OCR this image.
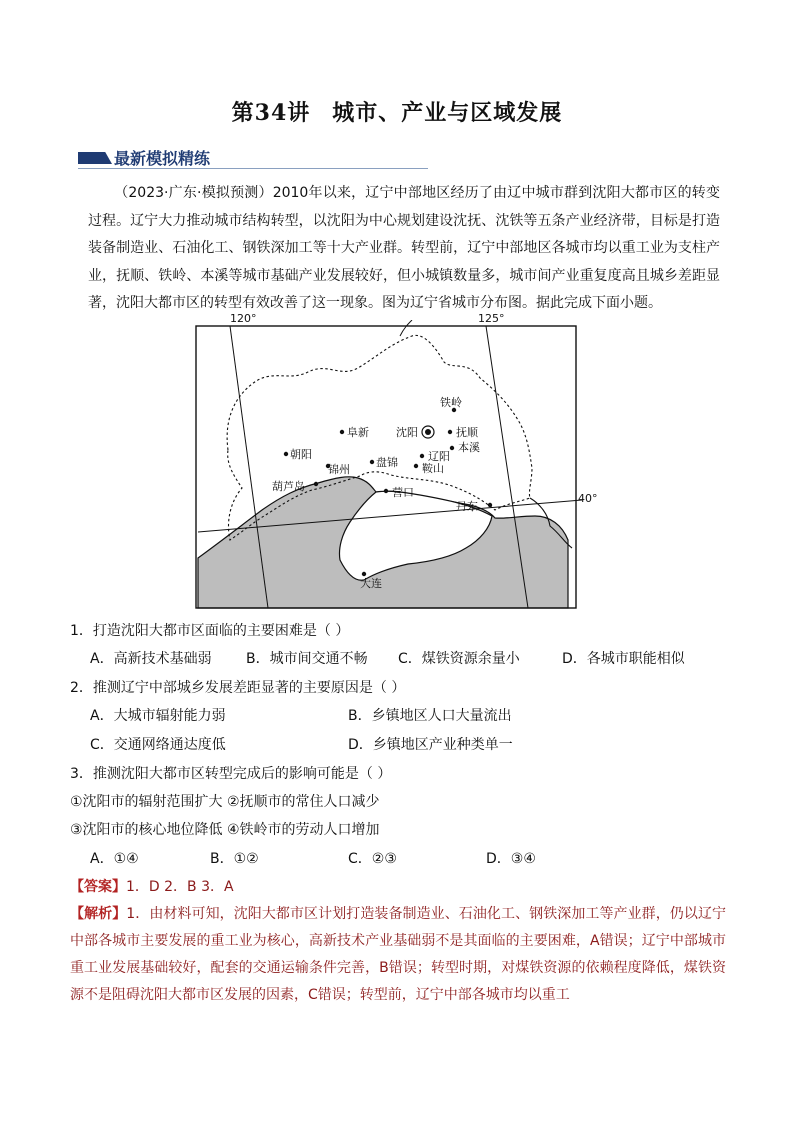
第34讲 城市、产业与区域发展
最新模拟精练
（2023·广东·模拟预测）2010年以来，辽宁中部地区经历了由辽中城市群到沈阳大都市区的转变过程。辽宁大力推动城市结构转型，以沈阳为中心规划建设沈抚、沈铁等五条产业经济带，目标是打造装备制造业、石油化工、钢铁深加工等十大产业群。转型前，辽宁中部地区各城市均以重工业为支柱产业，抚顺、铁岭、本溪等城市基础产业发展较好，但小城镇数量多，城市间产业重复度高且城乡差距显著，沈阳大都市区的转型有效改善了这一现象。图为辽宁省城市分布图。据此完成下面小题。
120°	125°
40°
铁岭
阜新 沈阳	抚顺
本溪
朝阳
锦州
盘锦	辽阳
鞍山
葫芦岛	营口
丹东
大连
1．打造沈阳大都市区面临的主要困难是（ ）
A．高新技术基础弱 B．城市间交通不畅 C．煤铁资源余量小	D．各城市职能相似
2．推测辽宁中部城乡发展差距显著的主要原因是（ ）
A．大城市辐射能力弱	B．乡镇地区人口大量流出
C．交通网络通达度低	D．乡镇地区产业种类单一
3．推测沈阳大都市区转型完成后的影响可能是（ ）
①沈阳市的辐射范围扩大 ②抚顺市的常住人口减少
③沈阳市的核心地位降低 ④铁岭市的劳动人口增加
A．①④	B．①②	C．②③	D．③④
【答案】1．D 2．B 3．A
【解析】1．由材料可知，沈阳大都市区计划打造装备制造业、石油化工、钢铁深加工等产业群，仍以辽宁中部各城市主要发展的重工业为核心，高新技术产业基础弱不是其面临的主要困难，A错误；辽宁中部城市重工业发展基础较好，配套的交通运输条件完善，B错误；转型时期，对煤铁资源的依赖程度降低，煤铁资源不是阻碍沈阳大都市区发展的因素，C错误；转型前，辽宁中部各城市均以重工
